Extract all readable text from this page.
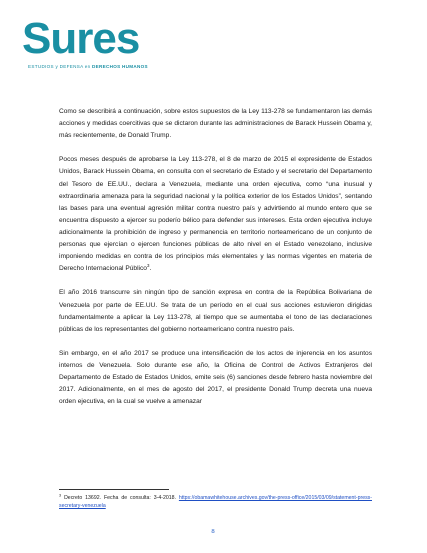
Sures
ESTUDIOS y DEFENSA en DERECHOS HUMANOS

Como se describirá a continuación, sobre estos supuestos de la Ley 113-278 se fundamentaron las demás acciones y medidas coercitivas que se dictaron durante las administraciones de Barack Hussein Obama y, más recientemente, de Donald Trump.

Pocos meses después de aprobarse la Ley 113-278, el 8 de marzo de 2015 el expresidente de Estados Unidos, Barack Hussein Obama, en consulta con el secretario de Estado y el secretario del Departamento del Tesoro de EE.UU., declara a Venezuela, mediante una orden ejecutiva, como “una inusual y extraordinaria amenaza para la seguridad nacional y la política exterior de los Estados Unidos”, sentando las bases para una eventual agresión militar contra nuestro país y advirtiendo al mundo entero que se encuentra dispuesto a ejercer su poderío bélico para defender sus intereses. Esta orden ejecutiva incluye adicionalmente la prohibición de ingreso y permanencia en territorio norteamericano de un conjunto de personas que ejercían o ejercen funciones públicas de alto nivel en el Estado venezolano, inclusive imponiendo medidas en contra de los principios más elementales y las normas vigentes en materia de Derecho Internacional Público$^3$.

El año 2016 transcurre sin ningún tipo de sanción expresa en contra de la República Bolivariana de Venezuela por parte de EE.UU. Se trata de un período en el cual sus acciones estuvieron dirigidas fundamentalmente a aplicar la Ley 113-278, al tiempo que se aumentaba el tono de las declaraciones públicas de los representantes del gobierno norteamericano contra nuestro país.

Sin embargo, en el año 2017 se produce una intensificación de los actos de injerencia en los asuntos internos de Venezuela. Solo durante ese año, la Oficina de Control de Activos Extranjeros del Departamento de Estado de Estados Unidos, emite seis (6) sanciones desde febrero hasta noviembre del 2017. Adicionalmente, en el mes de agosto del 2017, el presidente Donald Trump decreta una nueva orden ejecutiva, en la cual se vuelve a amenazar

$^3$ Decreto 13692. Fecha de consulta: 3-4-2018. https://obamawhitehouse.archives.gov/the-press-office/2015/03/09/statement-press-secretary-venezuela
8
